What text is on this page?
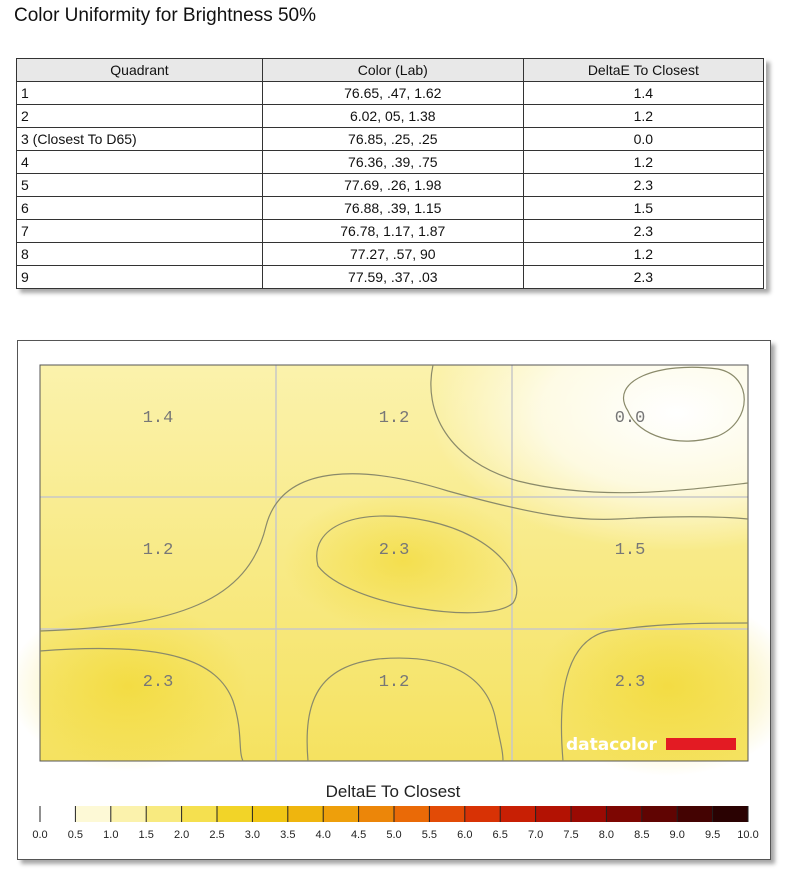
Color Uniformity for Brightness 50%
Quadrant	Color (Lab)	DeltaE To Closest
1	76.65, .47, 1.62	1.4
2	6.02, 05, 1.38	1.2
3 (Closest To D65)	76.85, .25, .25	0.0
4	76.36, .39, .75	1.2
5	77.69, .26, 1.98	2.3
6	76.88, .39, 1.15	1.5
7	76.78, 1.17, 1.87	2.3
8	77.27, .57, 90	1.2
9	77.59, .37, .03	2.3
1.4	1.2	0.0
1.2	2.3	1.5
2.3	1.2	2.3
datacolor
DeltaE To Closest
0.0 0.5 1.0 1.5 2.0 2.5 3.0 3.5 4.0 4.5 5.0 5.5 6.0 6.5 7.0 7.5 8.0 8.5 9.0 9.5 10.0
